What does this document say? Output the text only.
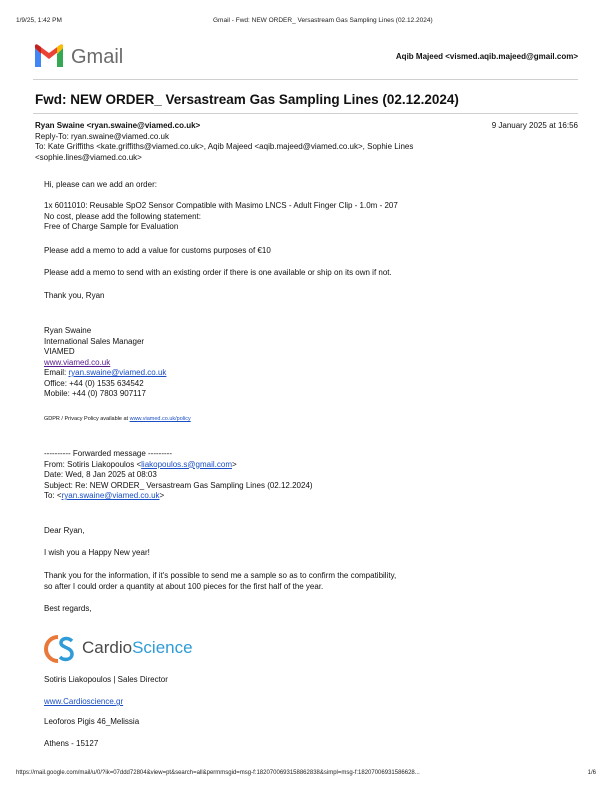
1/9/25, 1:42 PM	Gmail - Fwd: NEW ORDER_ Versastream Gas Sampling Lines (02.12.2024)
Gmail	Aqib Majeed <vismed.aqib.majeed@gmail.com>
Fwd: NEW ORDER_ Versastream Gas Sampling Lines (02.12.2024)
Ryan Swaine <ryan.swaine@viamed.co.uk>
Reply-To: ryan.swaine@viamed.co.uk
To: Kate Griffiths <kate.griffiths@viamed.co.uk>, Aqib Majeed <aqib.majeed@viamed.co.uk>, Sophie Lines
<sophie.lines@viamed.co.uk>
9 January 2025 at 16:56
Hi, please can we add an order:
1x 6011010: Reusable SpO2 Sensor Compatible with Masimo LNCS - Adult Finger Clip - 1.0m - 207
No cost, please add the following statement:
Free of Charge Sample for Evaluation
Please add a memo to add a value for customs purposes of €10
Please add a memo to send with an existing order if there is one available or ship on its own if not.
Thank you, Ryan
Ryan Swaine
International Sales Manager
VIAMED
www.viamed.co.uk
Email: ryan.swaine@viamed.co.uk
Office: +44 (0) 1535 634542
Mobile: +44 (0) 7803 907117
GDPR / Privacy Policy available at www.viamed.co.uk/policy
---------- Forwarded message ---------
From: Sotiris Liakopoulos <liakopoulos.s@gmail.com>
Date: Wed, 8 Jan 2025 at 08:03
Subject: Re: NEW ORDER_ Versastream Gas Sampling Lines (02.12.2024)
To: <ryan.swaine@viamed.co.uk>
Dear Ryan,
I wish you a Happy New year!
Thank you for the information, if it's possible to send me a sample so as to confirm the compatibility,
so after I could order a quantity at about 100 pieces for the first half of the year.
Best regards,
CardioScience
Sotiris Liakopoulos | Sales Director
www.Cardioscience.gr
Leoforos Pigis 46_Melissia
Athens - 15127
https://mail.google.com/mail/u/0/?ik=07ddd72804&view=pt&search=all&permmsgid=msg-f:1820700693158862838&simpl=msg-f:18207006931586628...	1/6
